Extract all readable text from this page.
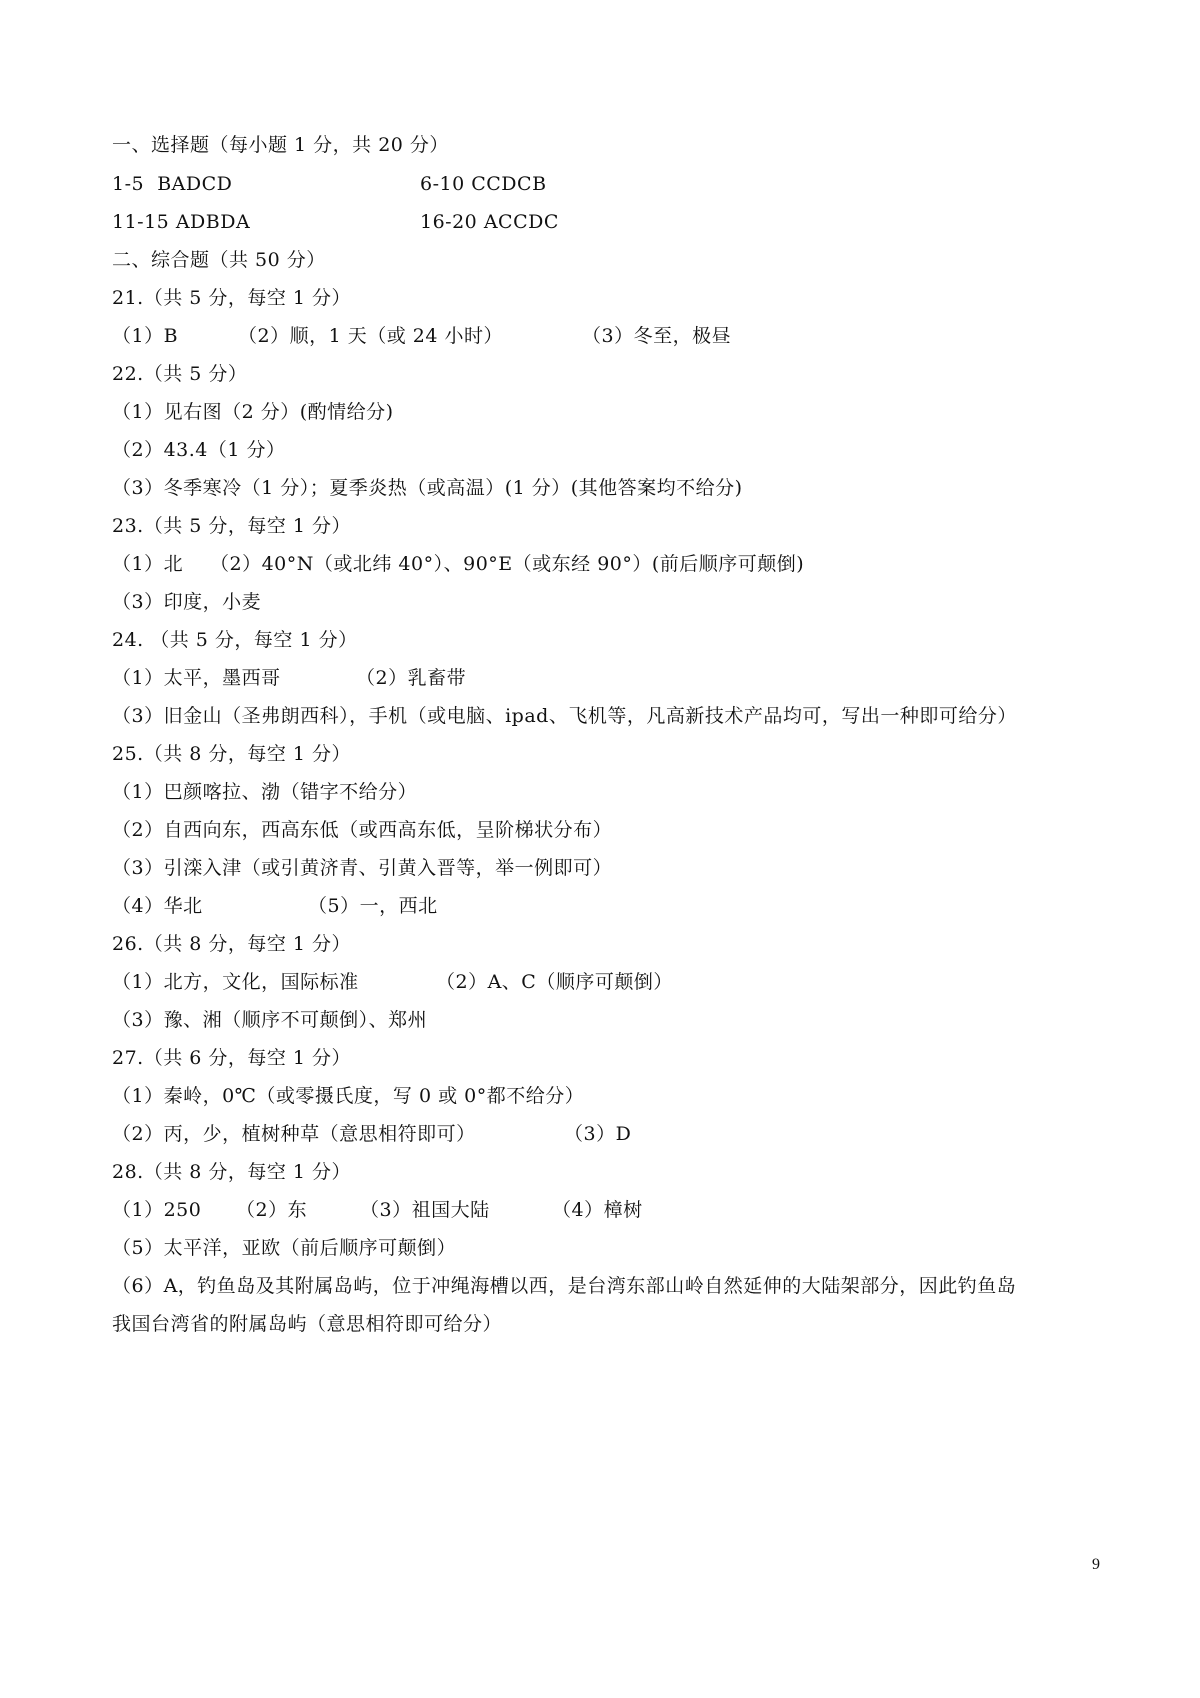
一、选择题（每小题 1 分，共 20 分）
1-5 BADCD	6-10 CCDCB
11-15 ADBDA	16-20 ACCDC
二、综合题（共 50 分）
21.（共 5 分，每空 1 分）
（1）B	（2）顺，1 天（或 24 小时）	（3）冬至，极昼
22.（共 5 分）
（1）见右图（2 分）(酌情给分)
（2）43.4（1 分）
（3）冬季寒冷（1 分）；夏季炎热（或高温）(1 分）(其他答案均不给分)
23.（共 5 分，每空 1 分）
（1）北 （2）40°N（或北纬 40°）、90°E（或东经 90°）(前后顺序可颠倒)
（3）印度，小麦
24. （共 5 分，每空 1 分）
（1）太平，墨西哥	（2）乳畜带
（3）旧金山（圣弗朗西科），手机（或电脑、ipad、飞机等，凡高新技术产品均可，写出一种即可给分）
25.（共 8 分，每空 1 分）
（1）巴颜喀拉、渤（错字不给分）
（2）自西向东，西高东低（或西高东低，呈阶梯状分布）
（3）引滦入津（或引黄济青、引黄入晋等，举一例即可）
（4）华北	（5）一，西北
26.（共 8 分，每空 1 分）
（1）北方，文化，国际标准	（2）A、C（顺序可颠倒）
（3）豫、湘（顺序不可颠倒）、郑州
27.（共 6 分，每空 1 分）
（1）秦岭，0℃（或零摄氏度，写 0 或 0°都不给分）
（2）丙，少，植树种草（意思相符即可）	（3）D
28.（共 8 分，每空 1 分）
（1）250 （2）东	（3）祖国大陆	（4）樟树
（5）太平洋，亚欧（前后顺序可颠倒）
（6）A，钓鱼岛及其附属岛屿，位于冲绳海槽以西，是台湾东部山岭自然延伸的大陆架部分，因此钓鱼岛
我国台湾省的附属岛屿（意思相符即可给分）
9
